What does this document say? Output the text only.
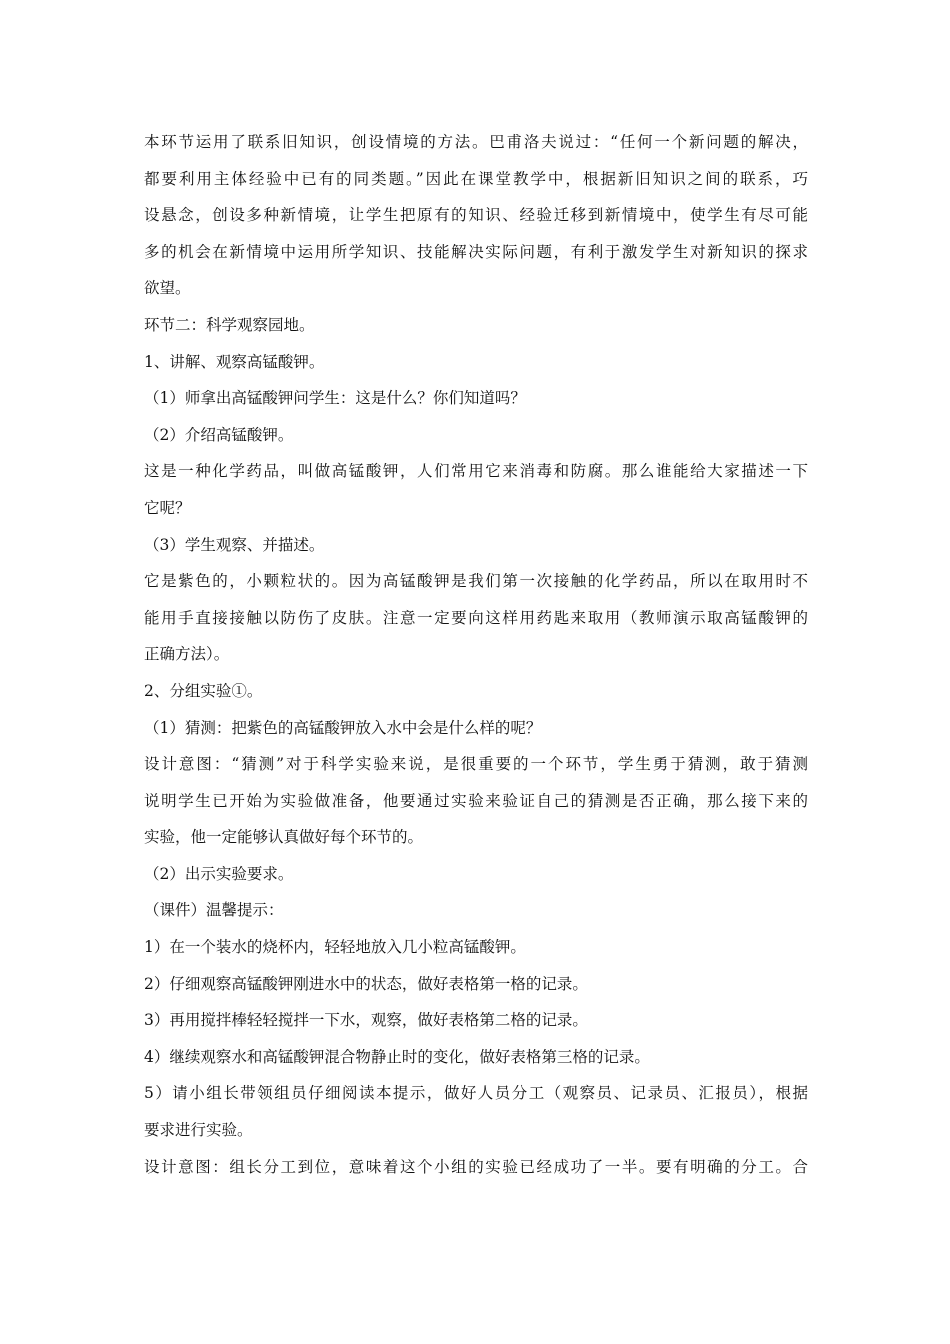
本环节运用了联系旧知识，创设情境的方法。巴甫洛夫说过：“任何一个新问题的解决，
都要利用主体经验中已有的同类题。”因此在课堂教学中，根据新旧知识之间的联系，巧
设悬念，创设多种新情境，让学生把原有的知识、经验迁移到新情境中，使学生有尽可能
多的机会在新情境中运用所学知识、技能解决实际问题，有利于激发学生对新知识的探求
欲望。
环节二：科学观察园地。
1、讲解、观察高锰酸钾。
（1）师拿出高锰酸钾问学生：这是什么？你们知道吗？
（2）介绍高锰酸钾。
这是一种化学药品，叫做高锰酸钾，人们常用它来消毒和防腐。那么谁能给大家描述一下
它呢？
（3）学生观察、并描述。
它是紫色的，小颗粒状的。因为高锰酸钾是我们第一次接触的化学药品，所以在取用时不
能用手直接接触以防伤了皮肤。注意一定要向这样用药匙来取用（教师演示取高锰酸钾的
正确方法）。
2、分组实验①。
（1）猜测：把紫色的高锰酸钾放入水中会是什么样的呢？
设计意图：“猜测”对于科学实验来说，是很重要的一个环节，学生勇于猜测，敢于猜测
说明学生已开始为实验做准备，他要通过实验来验证自己的猜测是否正确，那么接下来的
实验，他一定能够认真做好每个环节的。
（2）出示实验要求。
（课件）温馨提示：
1）在一个装水的烧杯内，轻轻地放入几小粒高锰酸钾。
2）仔细观察高锰酸钾刚进水中的状态，做好表格第一格的记录。
3）再用搅拌棒轻轻搅拌一下水，观察，做好表格第二格的记录。
4）继续观察水和高锰酸钾混合物静止时的变化，做好表格第三格的记录。
5）请小组长带领组员仔细阅读本提示，做好人员分工（观察员、记录员、汇报员），根据
要求进行实验。
设计意图：组长分工到位，意味着这个小组的实验已经成功了一半。要有明确的分工。合
